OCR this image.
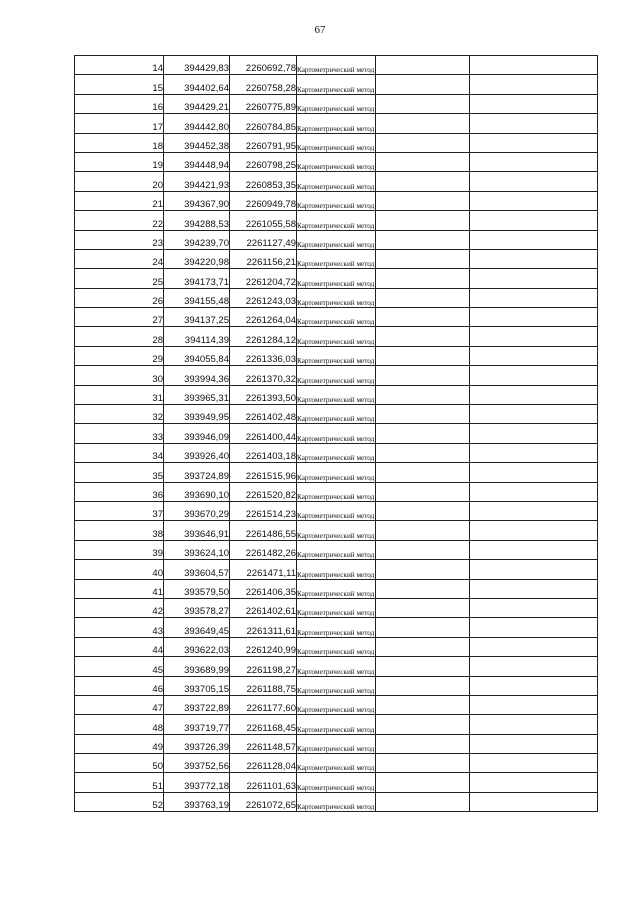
67
14	394429,83	2260692,78	Картометрический метод		

15	394402,64	2260758,28	Картометрический метод		

16	394429,21	2260775,89	Картометрический метод		

17	394442,80	2260784,85	Картометрический метод		

18	394452,38	2260791,95	Картометрический метод		

19	394448,94	2260798,25	Картометрический метод		

20	394421,93	2260853,35	Картометрический метод		

21	394367,90	2260949,78	Картометрический метод		

22	394288,53	2261055,58	Картометрический метод		

23	394239,70	2261127,49	Картометрический метод		

24	394220,98	2261156,21	Картометрический метод		

25	394173,71	2261204,72	Картометрический метод		

26	394155,48	2261243,03	Картометрический метод		

27	394137,25	2261264,04	Картометрический метод		

28	394114,39	2261284,12	Картометрический метод		

29	394055,84	2261336,03	Картометрический метод		

30	393994,36	2261370,32	Картометрический метод		

31	393965,31	2261393,50	Картометрический метод		

32	393949,95	2261402,48	Картометрический метод		

33	393946,09	2261400,44	Картометрический метод		

34	393926,40	2261403,18	Картометрический метод		

35	393724,89	2261515,96	Картометрический метод		

36	393690,10	2261520,82	Картометрический метод		

37	393670,29	2261514,23	Картометрический метод		

38	393646,91	2261486,55	Картометрический метод		

39	393624,10	2261482,26	Картометрический метод		

40	393604,57	2261471,11	Картометрический метод		

41	393579,50	2261406,35	Картометрический метод		

42	393578,27	2261402,61	Картометрический метод		

43	393649,45	2261311,61	Картометрический метод		

44	393622,03	2261240,99	Картометрический метод		

45	393689,99	2261198,27	Картометрический метод		

46	393705,15	2261188,75	Картометрический метод		

47	393722,89	2261177,60	Картометрический метод		

48	393719,77	2261168,45	Картометрический метод		

49	393726,39	2261148,57	Картометрический метод		

50	393752,56	2261128,04	Картометрический метод		

51	393772,18	2261101,63	Картометрический метод		

52	393763,19	2261072,65	Картометрический метод		
